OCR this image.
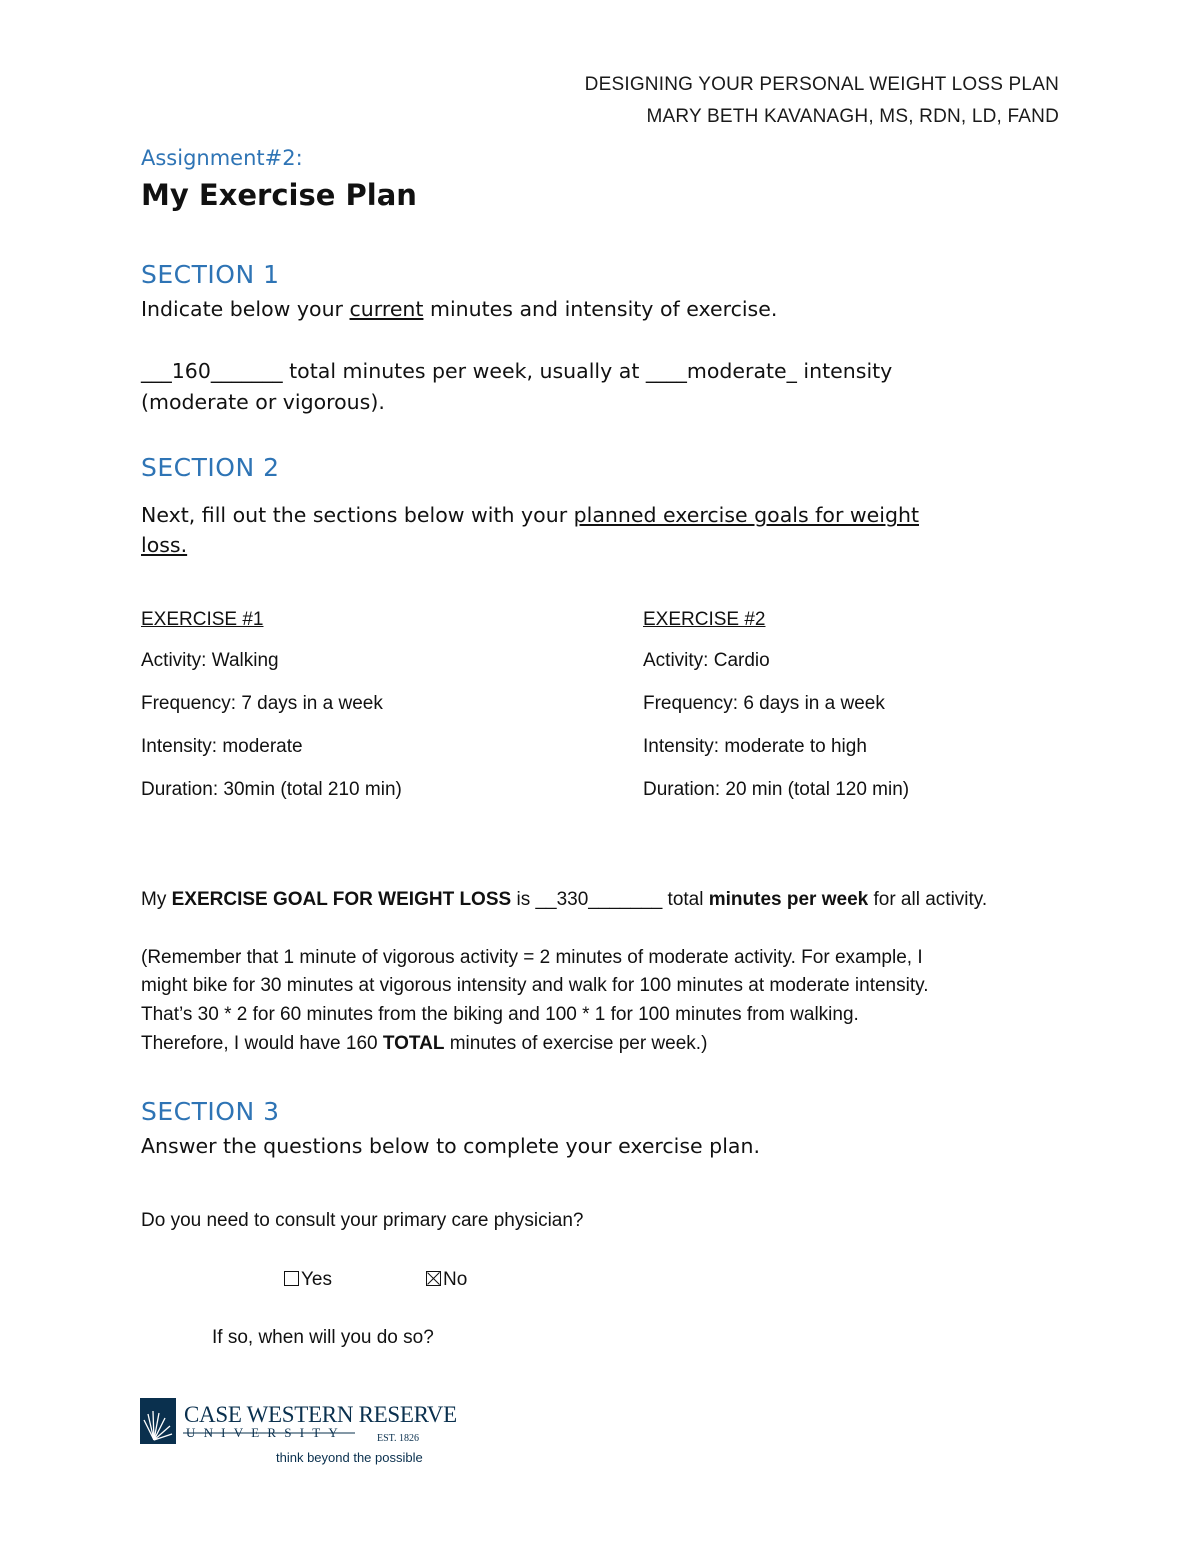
DESIGNING YOUR PERSONAL WEIGHT LOSS PLAN
MARY BETH KAVANAGH, MS, RDN, LD, FAND
Assignment#2:
My Exercise Plan
SECTION 1
Indicate below your current minutes and intensity of exercise.
___160_______ total minutes per week, usually at ____moderate_ intensity
(moderate or vigorous).
SECTION 2
Next, fill out the sections below with your planned exercise goals for weight
loss.
EXERCISE #1
Activity: Walking
Frequency: 7 days in a week
Intensity: moderate
Duration: 30min (total 210 min)
EXERCISE #2
Activity: Cardio
Frequency: 6 days in a week
Intensity: moderate to high
Duration: 20 min (total 120 min)
My EXERCISE GOAL FOR WEIGHT LOSS is __330_______ total minutes per week for all activity.
(Remember that 1 minute of vigorous activity = 2 minutes of moderate activity. For example, I
might bike for 30 minutes at vigorous intensity and walk for 100 minutes at moderate intensity.
That’s 30 * 2 for 60 minutes from the biking and 100 * 1 for 100 minutes from walking.
Therefore, I would have 160 TOTAL minutes of exercise per week.)
SECTION 3
Answer the questions below to complete your exercise plan.
Do you need to consult your primary care physician?
Yes	No
If so, when will you do so?
CASE WESTERN RESERVE
UNIVERSITY	EST. 1826
think beyond the possible
